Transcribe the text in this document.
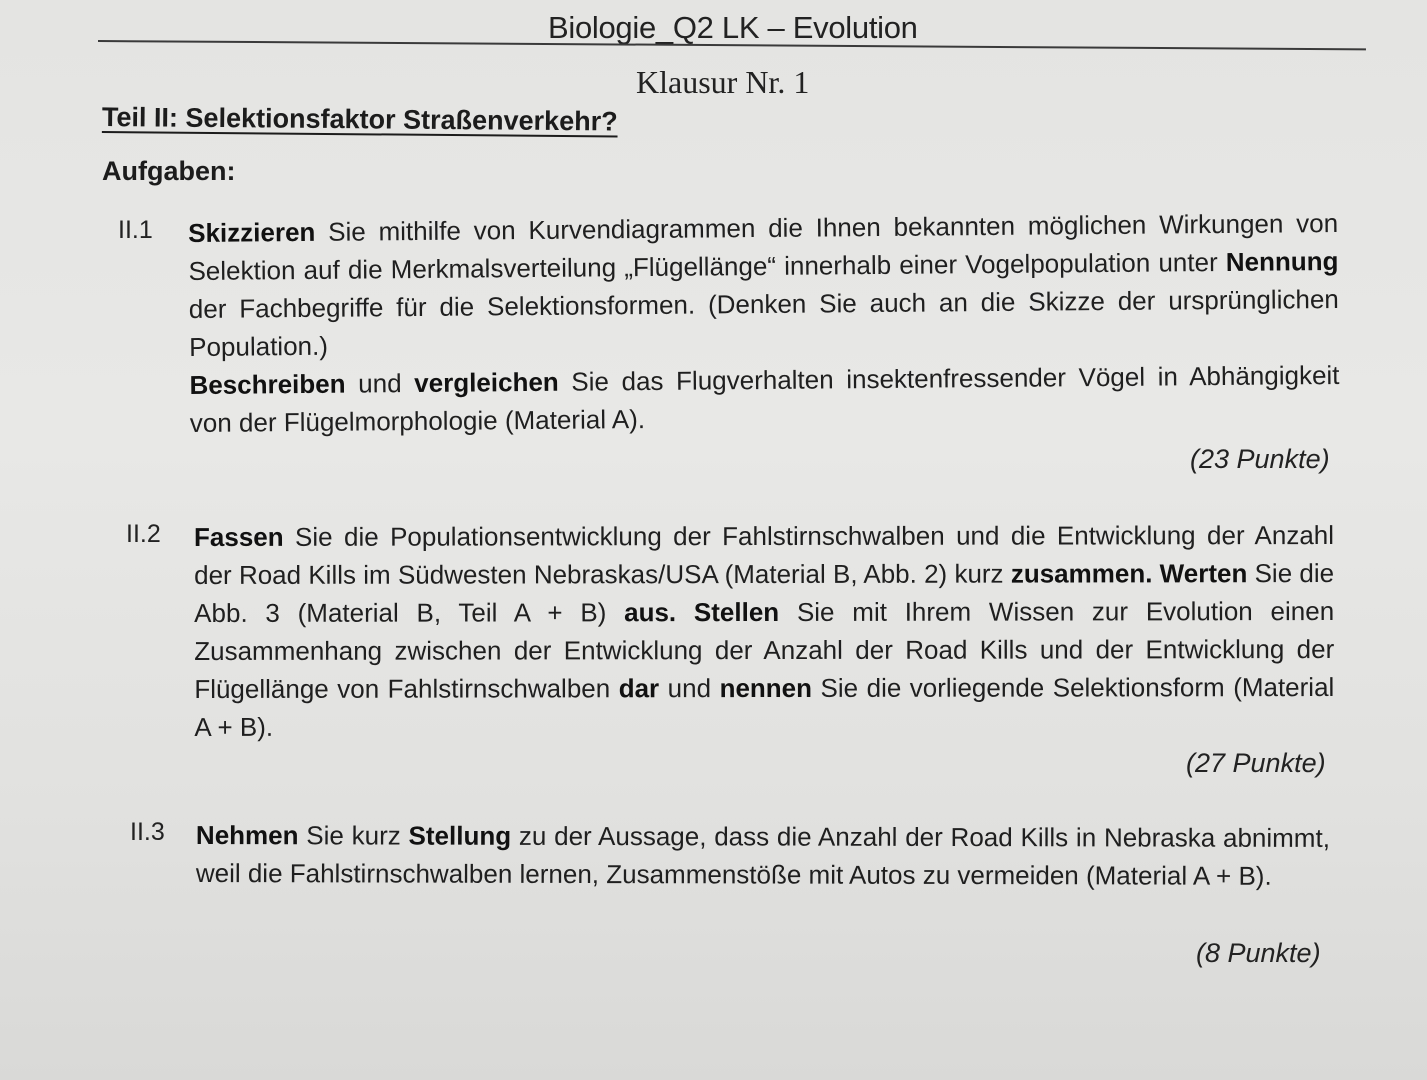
Biologie_Q2 LK – Evolution
Klausur Nr. 1
Teil II: Selektionsfaktor Straßenverkehr?
Aufgaben:
II.1 Skizzieren Sie mithilfe von Kurvendiagrammen die Ihnen bekannten möglichen Wirkungen von Selektion auf die Merkmalsverteilung „Flügellänge“ innerhalb einer Vogelpopulation unter Nennung der Fachbegriffe für die Selektionsformen. (Denken Sie auch an die Skizze der ursprünglichen Population.)
Beschreiben und vergleichen Sie das Flugverhalten insektenfressender Vögel in Abhängigkeit von der Flügelmorphologie (Material A).
(23 Punkte)
II.2 Fassen Sie die Populationsentwicklung der Fahlstirnschwalben und die Entwicklung der Anzahl der Road Kills im Südwesten Nebraskas/USA (Material B, Abb. 2) kurz zusammen. Werten Sie die Abb. 3 (Material B, Teil A + B) aus. Stellen Sie mit Ihrem Wissen zur Evolution einen Zusammenhang zwischen der Entwicklung der Anzahl der Road Kills und der Entwicklung der Flügellänge von Fahlstirnschwalben dar und nennen Sie die vorliegende Selektionsform (Material A + B).
(27 Punkte)
II.3 Nehmen Sie kurz Stellung zu der Aussage, dass die Anzahl der Road Kills in Nebraska abnimmt, weil die Fahlstirnschwalben lernen, Zusammenstöße mit Autos zu vermeiden (Material A + B).
(8 Punkte)
